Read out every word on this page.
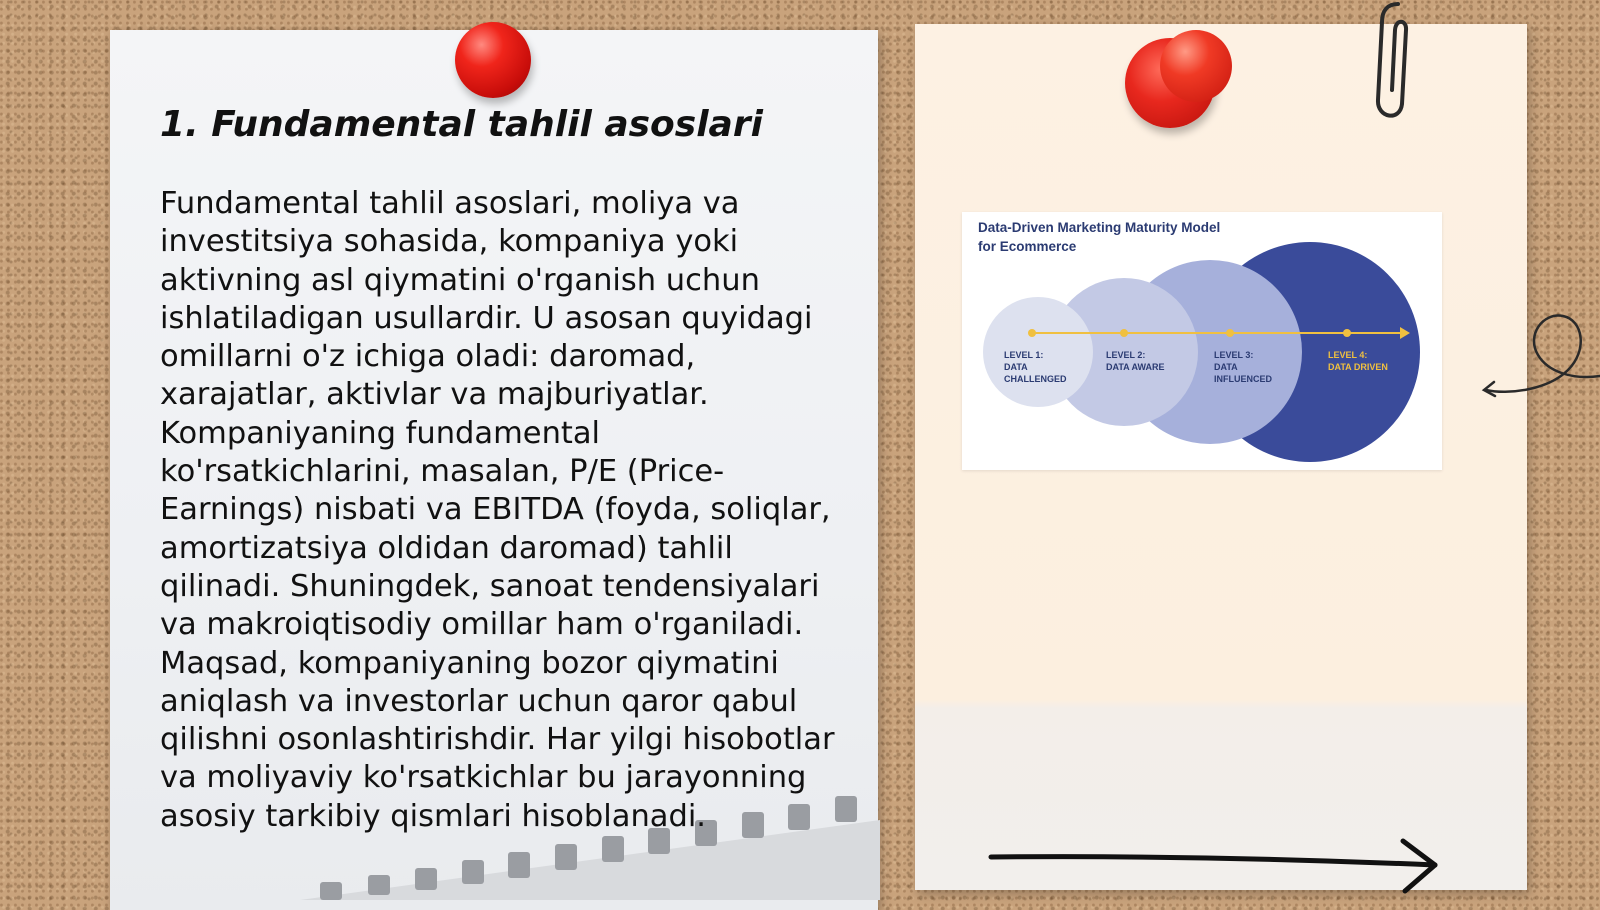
1. Fundamental tahlil asoslari

Fundamental tahlil asoslari, moliya va investitsiya sohasida, kompaniya yoki aktivning asl qiymatini o'rganish uchun ishlatiladigan usullardir. U asosan quyidagi omillarni o'z ichiga oladi: daromad, xarajatlar, aktivlar va majburiyatlar. Kompaniyaning fundamental ko'rsatkichlarini, masalan, P/E (Price-Earnings) nisbati va EBITDA (foyda, soliqlar, amortizatsiya oldidan daromad) tahlil qilinadi. Shuningdek, sanoat tendensiyalari va makroiqtisodiy omillar ham o'rganiladi. Maqsad, kompaniyaning bozor qiymatini aniqlash va investorlar uchun qaror qabul qilishni osonlashtirishdir. Har yilgi hisobotlar va moliyaviy ko'rsatkichlar bu jarayonning asosiy tarkibiy qismlari hisoblanadi.

LEVEL 1: DATA CHALLENGED
LEVEL 2: DATA AWARE
LEVEL 3: DATA INFLUENCED
LEVEL 4: DATA DRIVEN

Data-Driven Marketing Maturity Model
for Ecommerce
